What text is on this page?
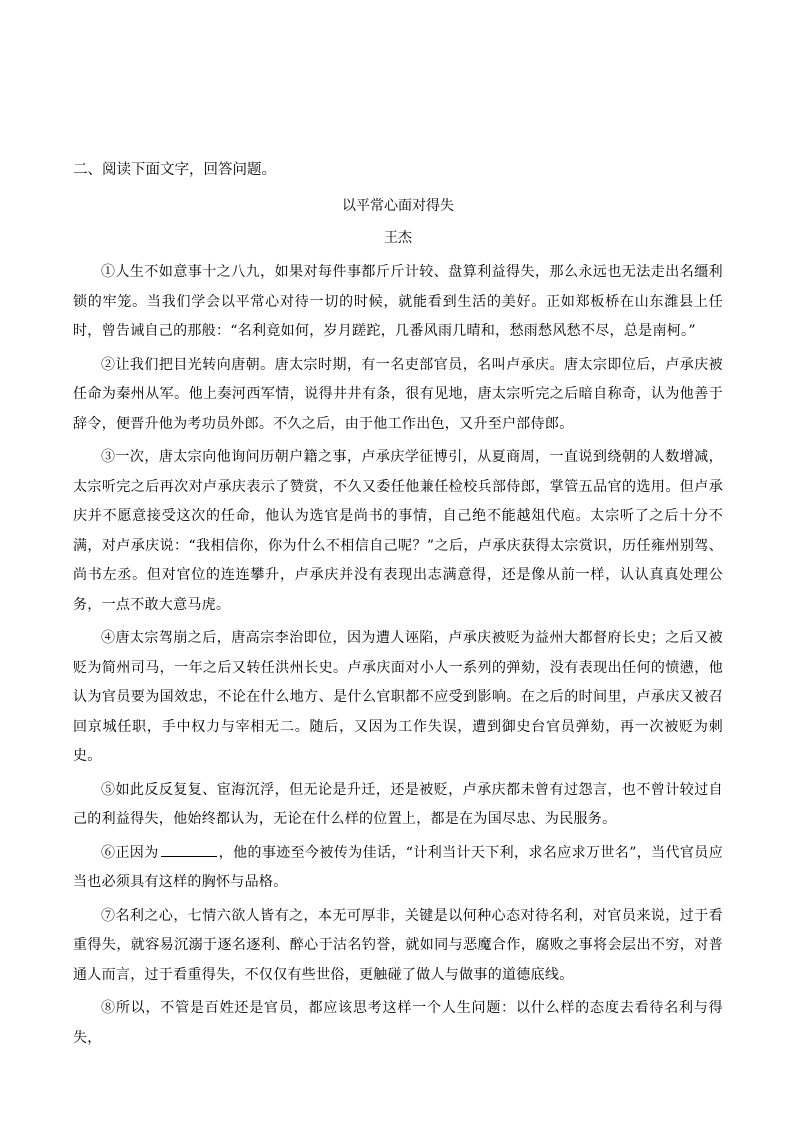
二、阅读下面文字，回答问题。
以平常心面对得失
王杰

①人生不如意事十之八九，如果对每件事都斤斤计较、盘算利益得失，那么永远也无法走出名缰利锁的牢笼。当我们学会以平常心对待一切的时候，就能看到生活的美好。正如郑板桥在山东潍县上任时，曾告诫自己的那般：“名利竟如何，岁月蹉跎，几番风雨几晴和，愁雨愁风愁不尽，总是南柯。”

②让我们把目光转向唐朝。唐太宗时期，有一名吏部官员，名叫卢承庆。唐太宗即位后，卢承庆被任命为秦州从军。他上奏河西军情，说得井井有条，很有见地，唐太宗听完之后暗自称奇，认为他善于辞令，便晋升他为考功员外郎。不久之后，由于他工作出色，又升至户部侍郎。

③一次，唐太宗向他询问历朝户籍之事，卢承庆学征博引，从夏商周，一直说到绕朝的人数增减，太宗听完之后再次对卢承庆表示了赞赏，不久又委任他兼任检校兵部侍郎，掌管五品官的选用。但卢承庆并不愿意接受这次的任命，他认为选官是尚书的事情，自己绝不能越俎代庖。太宗听了之后十分不满，对卢承庆说：“我相信你，你为什么不相信自己呢？”之后，卢承庆获得太宗赏识，历任雍州别驾、尚书左丞。但对官位的连连攀升，卢承庆并没有表现出志满意得，还是像从前一样，认认真真处理公务，一点不敢大意马虎。

④唐太宗驾崩之后，唐高宗李治即位，因为遭人诬陷，卢承庆被贬为益州大都督府长史；之后又被贬为简州司马，一年之后又转任洪州长史。卢承庆面对小人一系列的弹劾，没有表现出任何的愤懑，他认为官员要为国效忠，不论在什么地方、是什么官职都不应受到影响。在之后的时间里，卢承庆又被召回京城任职，手中权力与宰相无二。随后，又因为工作失误，遭到御史台官员弹劾，再一次被贬为刺史。

⑤如此反反复复、宦海沉浮，但无论是升迁，还是被贬，卢承庆都未曾有过怨言，也不曾计较过自己的利益得失，他始终都认为，无论在什么样的位置上，都是在为国尽忠、为民服务。

⑥正因为	，他的事迹至今被传为佳话，“计利当计天下利，求名应求万世名”，当代官员应当也必须具有这样的胸怀与品格。

⑦名利之心，七情六欲人皆有之，本无可厚非，关键是以何种心态对待名利，对官员来说，过于看重得失，就容易沉溺于逐名逐利、醉心于沽名钓誉，就如同与恶魔合作，腐败之事将会层出不穷，对普通人而言，过于看重得失，不仅仅有些世俗，更触碰了做人与做事的道德底线。

⑧所以，不管是百姓还是官员，都应该思考这样一个人生问题：以什么样的态度去看待名利与得失，
